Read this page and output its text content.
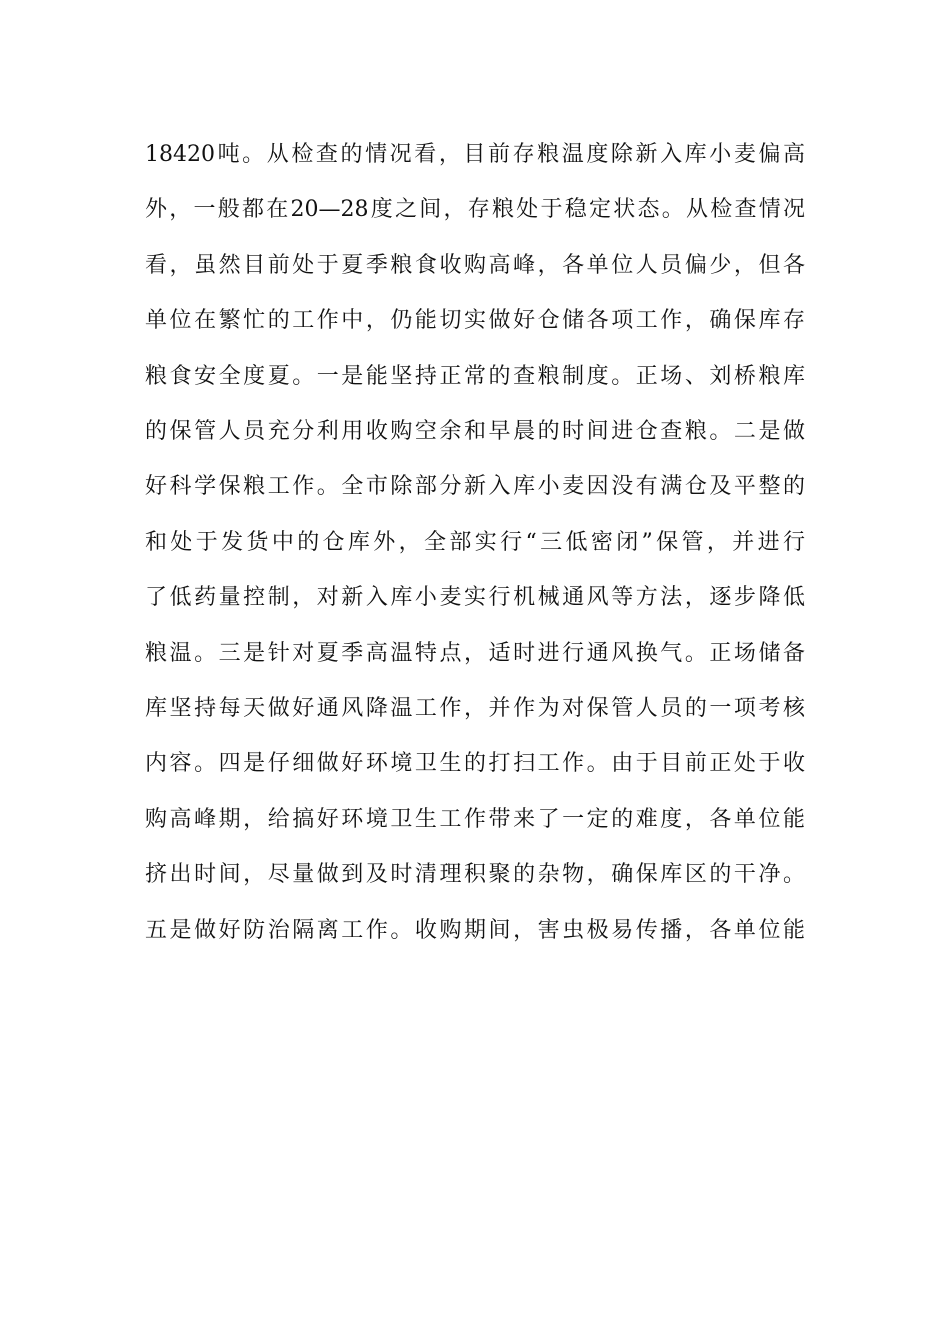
18420吨。从检查的情况看，目前存粮温度除新入库小麦偏高
外，一般都在20—28度之间，存粮处于稳定状态。从检查情况
看，虽然目前处于夏季粮食收购高峰，各单位人员偏少，但各
单位在繁忙的工作中，仍能切实做好仓储各项工作，确保库存
粮食安全度夏。一是能坚持正常的查粮制度。正场、刘桥粮库
的保管人员充分利用收购空余和早晨的时间进仓查粮。二是做
好科学保粮工作。全市除部分新入库小麦因没有满仓及平整的
和处于发货中的仓库外，全部实行“三低密闭”保管，并进行
了低药量控制，对新入库小麦实行机械通风等方法，逐步降低
粮温。三是针对夏季高温特点，适时进行通风换气。正场储备
库坚持每天做好通风降温工作，并作为对保管人员的一项考核
内容。四是仔细做好环境卫生的打扫工作。由于目前正处于收
购高峰期，给搞好环境卫生工作带来了一定的难度，各单位能
挤出时间，尽量做到及时清理积聚的杂物，确保库区的干净。
五是做好防治隔离工作。收购期间，害虫极易传播，各单位能
